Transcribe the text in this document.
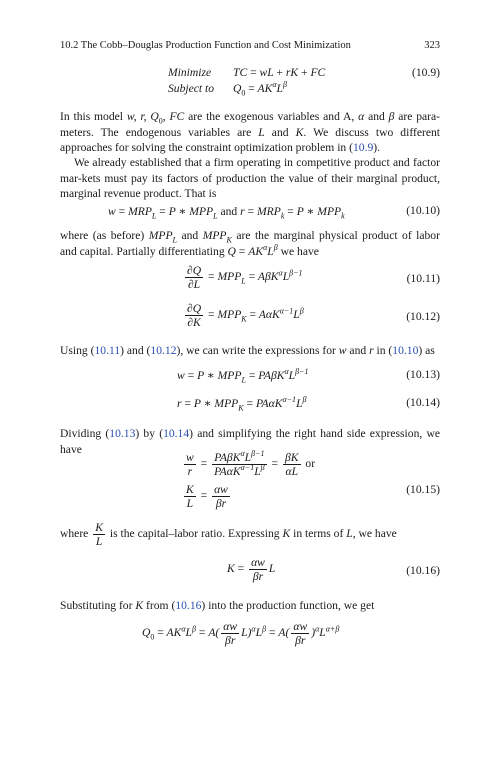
10.2 The Cobb–Douglas Production Function and Cost Minimization	323
Minimize TC = wL + rK + FC	(10.9)
Subject to $Q_0 = AK^\alpha L^\beta$
In this model w, r, $Q_0$, FC are the exogenous variables and A, α and β are para-meters. The endogenous variables are L and K. We discuss two different approaches for solving the constraint optimization problem in (10.9).
We already established that a firm operating in competitive product and factor mar-kets must pay its factors of production the value of their marginal product, marginal revenue product. That is
$w = MRP_L = P$ ∗ $MPP_L$ and $r = MRP_k = P$ ∗ $MPP_k$	(10.10)
where (as before) $MPP_L$ and $MPP_K$ are the marginal physical product of labor and capital. Partially differentiating $Q = AK^\alpha L^\beta$ we have
$\frac{\partial Q}{\partial L} = MPP_L = A\beta K^\alpha L^{\beta-1}$	(10.11)
$\frac{\partial Q}{\partial K} = MPP_K = A\alpha K^{\alpha-1}L^\beta$	(10.12)
Using (10.11) and (10.12), we can write the expressions for w and r in (10.10) as
w = P ∗ $MPP_L = PA\beta K^\alpha L^{\beta-1}$	(10.13)
r = P ∗ $MPP_K = PA\alpha K^{\alpha-1}L^\beta$	(10.14)
Dividing (10.13) by (10.14) and simplifying the right hand side expression, we have
$\frac{w}{r} = \frac{PA\beta K^\alpha L^{\beta-1}}{PA\alpha K^{\alpha-1}L^\beta} = \frac{\beta K}{\alpha L}$ or
$\frac{K}{L} = \frac{\alpha w}{\beta r}$	(10.15)
where $\frac{K}{L}$ is the capital–labor ratio. Expressing K in terms of L, we have
$K = \frac{\alpha w}{\beta r}$ L	(10.16)
Substituting for K from (10.16) into the production function, we get
$Q_0 = AK^\alpha L^\beta = A( \frac{\alpha w}{\beta r} L)^\alpha L^\beta = A( \frac{\alpha w}{\beta r} )^\alpha L^{\alpha+\beta}$
